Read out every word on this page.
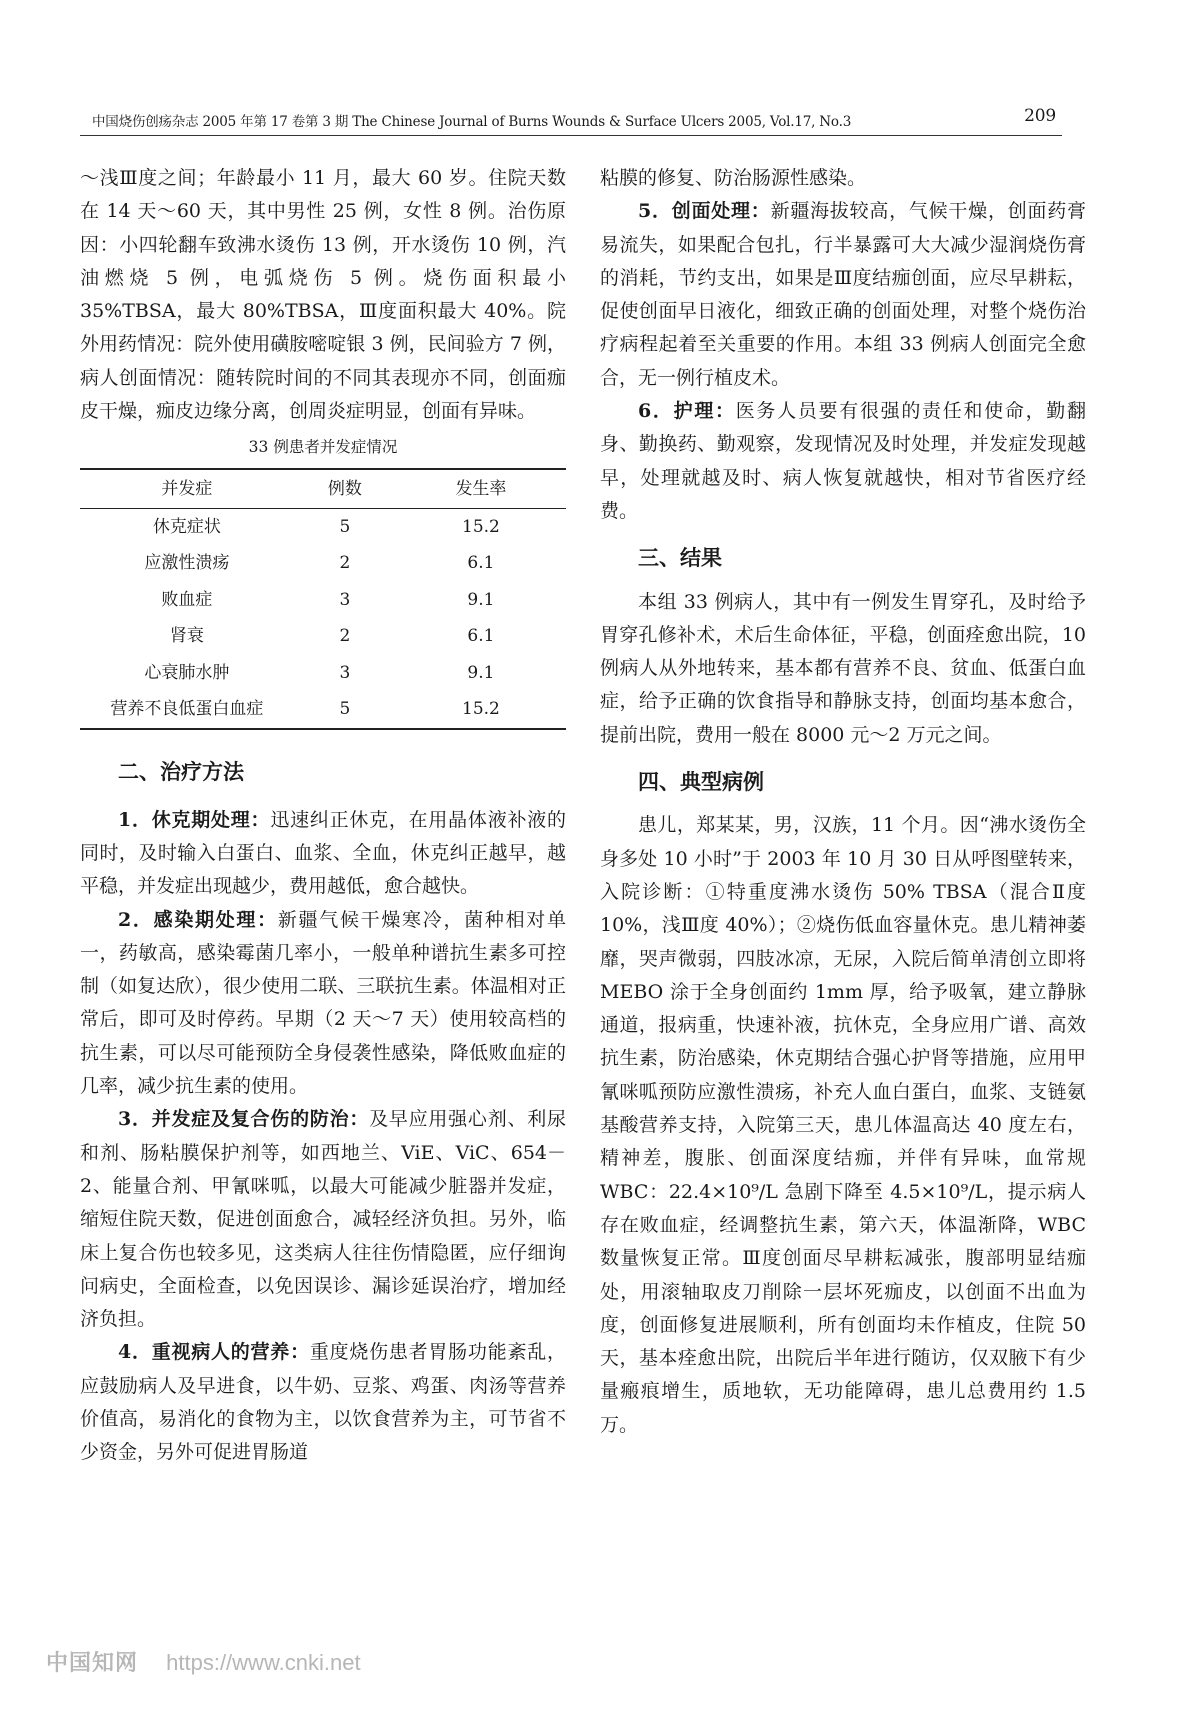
中国烧伤创疡杂志 2005 年第 17 卷第 3 期 The Chinese Journal of Burns Wounds & Surface Ulcers 2005, Vol.17, No.3	209

～浅Ⅲ度之间；年龄最小 11 月，最大 60 岁。住院天数在 14 天～60 天，其中男性 25 例，女性 8 例。治伤原因：小四轮翻车致沸水烫伤 13 例，开水烫伤 10 例，汽油燃烧 5 例，电弧烧伤 5 例。烧伤面积最小 35%TBSA，最大 80%TBSA，Ⅲ度面积最大 40%。院外用药情况：院外使用磺胺嘧啶银 3 例，民间验方 7 例，病人创面情况：随转院时间的不同其表现亦不同，创面痂皮干燥，痂皮边缘分离，创周炎症明显，创面有异味。

33 例患者并发症情况
并发症	例数	发生率
休克症状	5	15.2
应激性溃疡	2	6.1
败血症	3	9.1
肾衰	2	6.1
心衰肺水肿	3	9.1
营养不良低蛋白血症	5	15.2
二、治疗方法

1．休克期处理：迅速纠正休克，在用晶体液补液的同时，及时输入白蛋白、血浆、全血，休克纠正越早，越平稳，并发症出现越少，费用越低，愈合越快。

2．感染期处理：新疆气候干燥寒冷，菌种相对单一，药敏高，感染霉菌几率小，一般单种谱抗生素多可控制（如复达欣），很少使用二联、三联抗生素。体温相对正常后，即可及时停药。早期（2 天～7 天）使用较高档的抗生素，可以尽可能预防全身侵袭性感染，降低败血症的几率，减少抗生素的使用。

3．并发症及复合伤的防治：及早应用强心剂、利尿和剂、肠粘膜保护剂等，如西地兰、ViE、ViC、654－2、能量合剂、甲氰咪呱，以最大可能减少脏器并发症，缩短住院天数，促进创面愈合，减轻经济负担。另外，临床上复合伤也较多见，这类病人往往伤情隐匿，应仔细询问病史，全面检查，以免因误诊、漏诊延误治疗，增加经济负担。

4．重视病人的营养：重度烧伤患者胃肠功能紊乱，应鼓励病人及早进食，以牛奶、豆浆、鸡蛋、肉汤等营养价值高，易消化的食物为主，以饮食营养为主，可节省不少资金，另外可促进胃肠道

粘膜的修复、防治肠源性感染。

5．创面处理：新疆海拔较高，气候干燥，创面药膏易流失，如果配合包扎，行半暴露可大大减少湿润烧伤膏的消耗，节约支出，如果是Ⅲ度结痂创面，应尽早耕耘，促使创面早日液化，细致正确的创面处理，对整个烧伤治疗病程起着至关重要的作用。本组 33 例病人创面完全愈合，无一例行植皮术。

6．护理：医务人员要有很强的责任和使命，勤翻身、勤换药、勤观察，发现情况及时处理，并发症发现越早，处理就越及时、病人恢复就越快，相对节省医疗经费。

三、结果

本组 33 例病人，其中有一例发生胃穿孔，及时给予胃穿孔修补术，术后生命体征，平稳，创面痊愈出院，10 例病人从外地转来，基本都有营养不良、贫血、低蛋白血症，给予正确的饮食指导和静脉支持，创面均基本愈合，提前出院，费用一般在 8000 元～2 万元之间。

四、典型病例

患儿，郑某某，男，汉族，11 个月。因“沸水烫伤全身多处 10 小时”于 2003 年 10 月 30 日从呼图壁转来，入院诊断：①特重度沸水烫伤 50% TBSA（混合Ⅱ度 10%，浅Ⅲ度 40%）；②烧伤低血容量休克。患儿精神萎靡，哭声微弱，四肢冰凉，无尿，入院后简单清创立即将 MEBO 涂于全身创面约 1mm 厚，给予吸氧，建立静脉通道，报病重，快速补液，抗休克，全身应用广谱、高效抗生素，防治感染，休克期结合强心护肾等措施，应用甲氰咪呱预防应激性溃疡，补充人血白蛋白，血浆、支链氨基酸营养支持，入院第三天，患儿体温高达 40 度左右，精神差，腹胀、创面深度结痂，并伴有异味，血常规 WBC：22.4×10⁹/L 急剧下降至 4.5×10⁹/L，提示病人存在败血症，经调整抗生素，第六天，体温渐降，WBC 数量恢复正常。Ⅲ度创面尽早耕耘减张，腹部明显结痂处，用滚轴取皮刀削除一层坏死痂皮，以创面不出血为度，创面修复进展顺利，所有创面均未作植皮，住院 50 天，基本痊愈出院，出院后半年进行随访，仅双腋下有少量瘢痕增生，质地软，无功能障碍，患儿总费用约 1.5 万。

中国知网 https://www.cnki.net
